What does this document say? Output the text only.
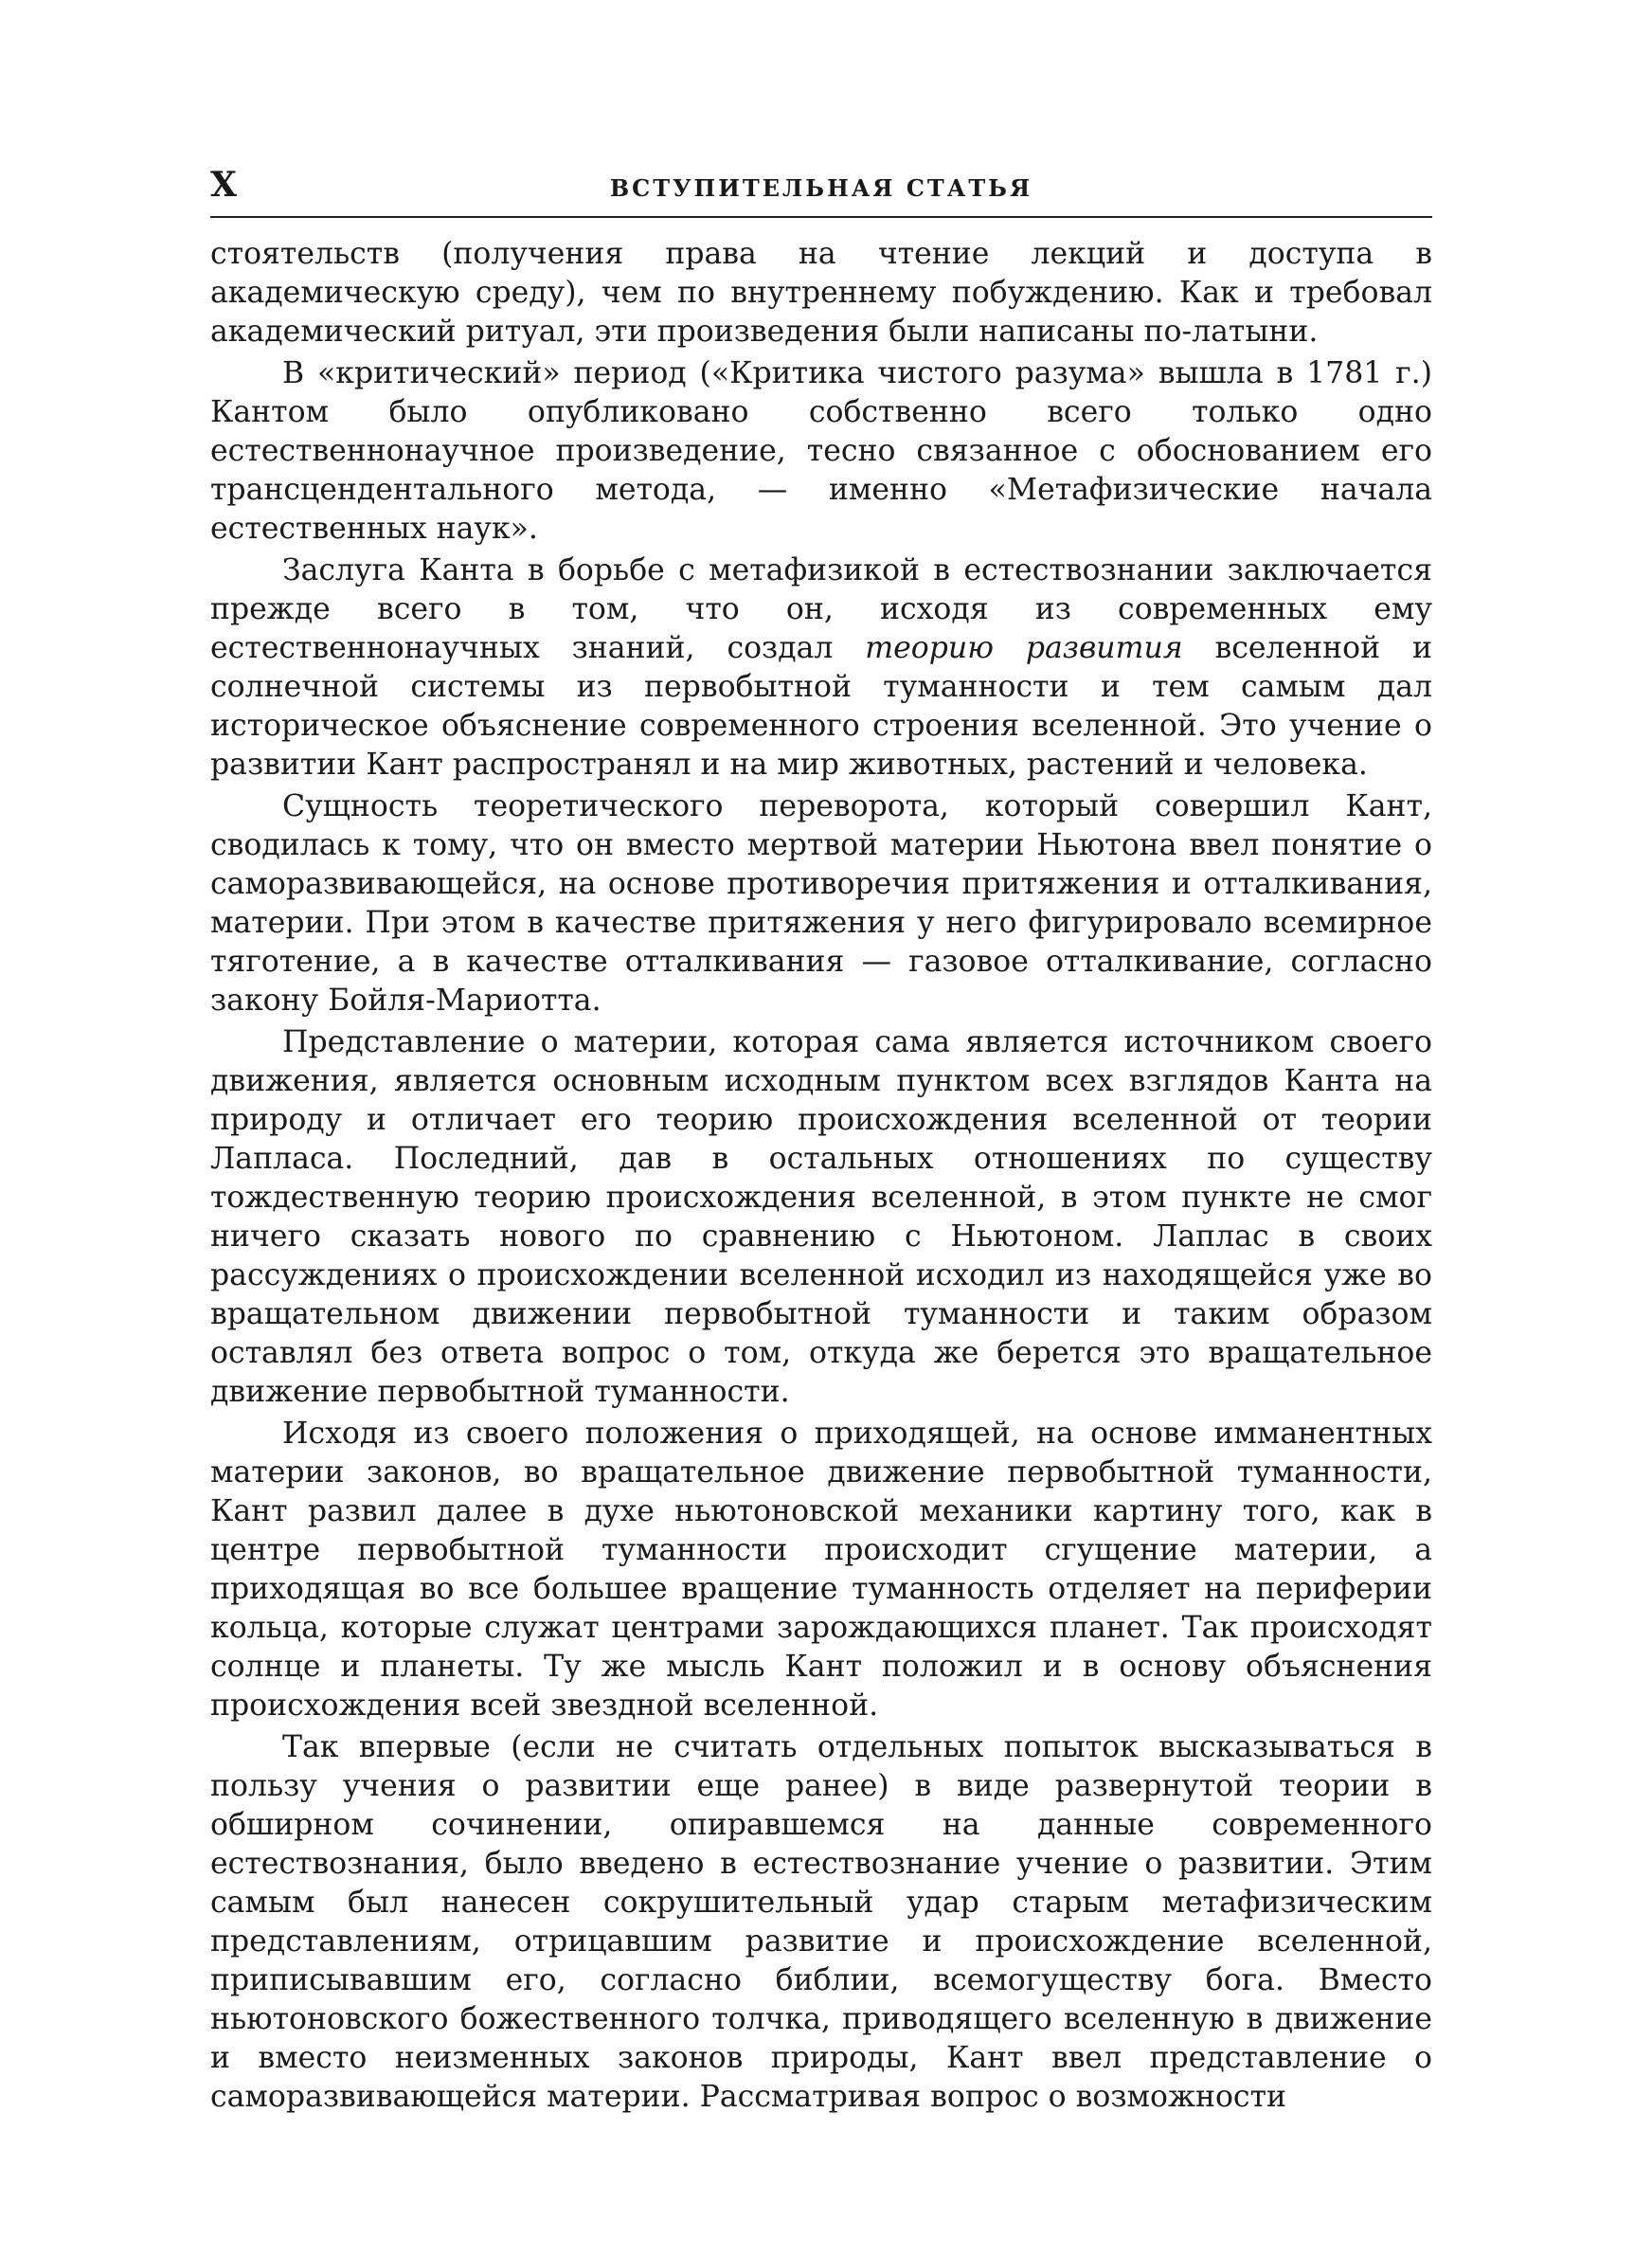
X	ВСТУПИТЕЛЬНАЯ СТАТЬЯ

стоятельств (получения права на чтение лекций и доступа в академическую среду), чем по внутреннему побуждению. Как и требовал академический ритуал, эти произведения были написаны по-латыни.

В «критический» период («Критика чистого разума» вышла в 1781 г.) Кантом было опубликовано собственно всего только одно естественнонаучное произведение, тесно связанное с обоснованием его трансцендентального метода, — именно «Метафизические начала естественных наук».

Заслуга Канта в борьбе с метафизикой в естествознании заключается прежде всего в том, что он, исходя из современных ему естественнонаучных знаний, создал теорию развития вселенной и солнечной системы из первобытной туманности и тем самым дал историческое объяснение современного строения вселенной. Это учение о развитии Кант распространял и на мир животных, растений и человека.

Сущность теоретического переворота, который совершил Кант, сводилась к тому, что он вместо мертвой материи Ньютона ввел понятие о саморазвивающейся, на основе противоречия притяжения и отталкивания, материи. При этом в качестве притяжения у него фигурировало всемирное тяготение, а в качестве отталкивания — газовое отталкивание, согласно закону Бойля-Мариотта.

Представление о материи, которая сама является источником своего движения, является основным исходным пунктом всех взглядов Канта на природу и отличает его теорию происхождения вселенной от теории Лапласа. Последний, дав в остальных отношениях по существу тождественную теорию происхождения вселенной, в этом пункте не смог ничего сказать нового по сравнению с Ньютоном. Лаплас в своих рассуждениях о происхождении вселенной исходил из находящейся уже во вращательном движении первобытной туманности и таким образом оставлял без ответа вопрос о том, откуда же берется это вращательное движение первобытной туманности.

Исходя из своего положения о приходящей, на основе имманентных материи законов, во вращательное движение первобытной туманности, Кант развил далее в духе ньютоновской механики картину того, как в центре первобытной туманности происходит сгущение материи, а приходящая во все большее вращение туманность отделяет на периферии кольца, которые служат центрами зарождающихся планет. Так происходят солнце и планеты. Ту же мысль Кант положил и в основу объяснения происхождения всей звездной вселенной.

Так впервые (если не считать отдельных попыток высказываться в пользу учения о развитии еще ранее) в виде развернутой теории в обширном сочинении, опиравшемся на данные современного естествознания, было введено в естествознание учение о развитии. Этим самым был нанесен сокрушительный удар старым метафизическим представлениям, отрицавшим развитие и происхождение вселенной, приписывавшим его, согласно библии, всемогуществу бога. Вместо ньютоновского божественного толчка, приводящего вселенную в движение и вместо неизменных законов природы, Кант ввел представление о саморазвивающейся материи. Рассматривая вопрос о возможности
